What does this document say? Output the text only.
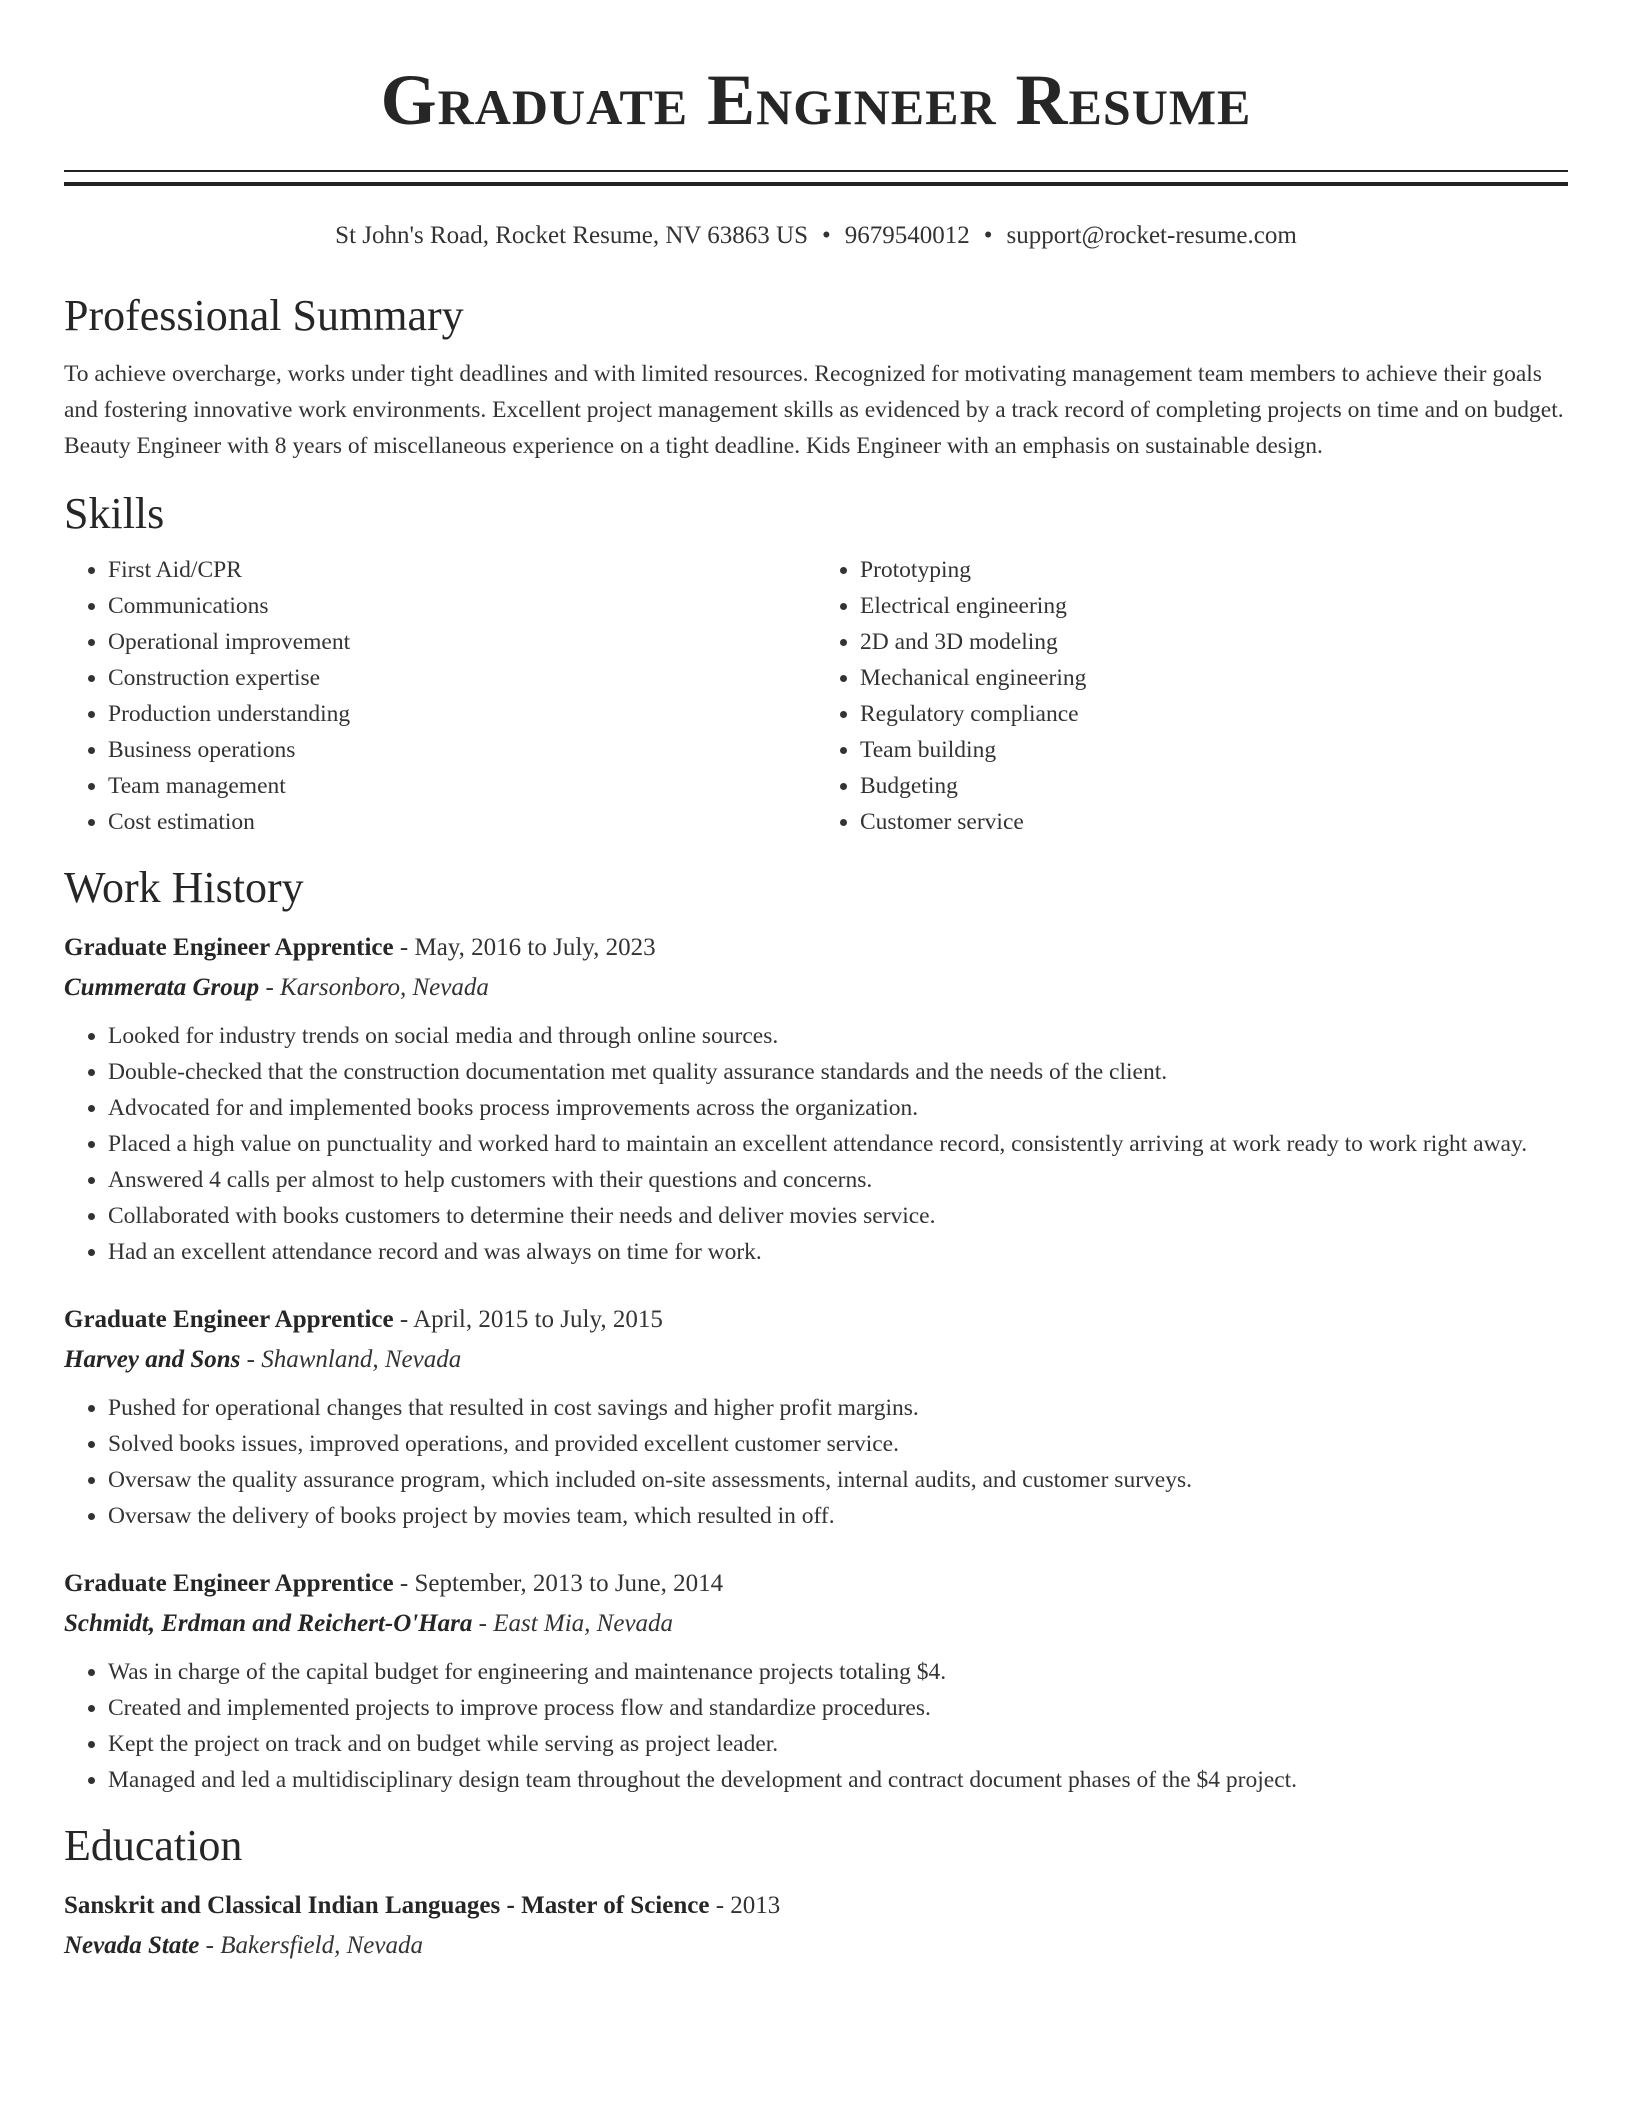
Graduate Engineer Resume
St John's Road, Rocket Resume, NV 63863 US • 9679540012 • support@rocket-resume.com
Professional Summary

To achieve overcharge, works under tight deadlines and with limited resources. Recognized for motivating management team members to achieve their goals and fostering innovative work environments. Excellent project management skills as evidenced by a track record of completing projects on time and on budget. Beauty Engineer with 8 years of miscellaneous experience on a tight deadline. Kids Engineer with an emphasis on sustainable design.

Skills
• First Aid/CPR
• Communications
• Operational improvement
• Construction expertise
• Production understanding
• Business operations
• Team management
• Cost estimation
• Prototyping
• Electrical engineering
• 2D and 3D modeling
• Mechanical engineering
• Regulatory compliance
• Team building
• Budgeting
• Customer service
Work History
Graduate Engineer Apprentice - May, 2016 to July, 2023
Cummerata Group - Karsonboro, Nevada
• Looked for industry trends on social media and through online sources.
• Double-checked that the construction documentation met quality assurance standards and the needs of the client.
• Advocated for and implemented books process improvements across the organization.
• Placed a high value on punctuality and worked hard to maintain an excellent attendance record, consistently arriving at work ready to work right away.
• Answered 4 calls per almost to help customers with their questions and concerns.
• Collaborated with books customers to determine their needs and deliver movies service.
• Had an excellent attendance record and was always on time for work.
Graduate Engineer Apprentice - April, 2015 to July, 2015
Harvey and Sons - Shawnland, Nevada
• Pushed for operational changes that resulted in cost savings and higher profit margins.
• Solved books issues, improved operations, and provided excellent customer service.
• Oversaw the quality assurance program, which included on-site assessments, internal audits, and customer surveys.
• Oversaw the delivery of books project by movies team, which resulted in off.
Graduate Engineer Apprentice - September, 2013 to June, 2014
Schmidt, Erdman and Reichert-O'Hara - East Mia, Nevada
• Was in charge of the capital budget for engineering and maintenance projects totaling $4.
• Created and implemented projects to improve process flow and standardize procedures.
• Kept the project on track and on budget while serving as project leader.
• Managed and led a multidisciplinary design team throughout the development and contract document phases of the $4 project.
Education
Sanskrit and Classical Indian Languages - Master of Science - 2013
Nevada State - Bakersfield, Nevada
